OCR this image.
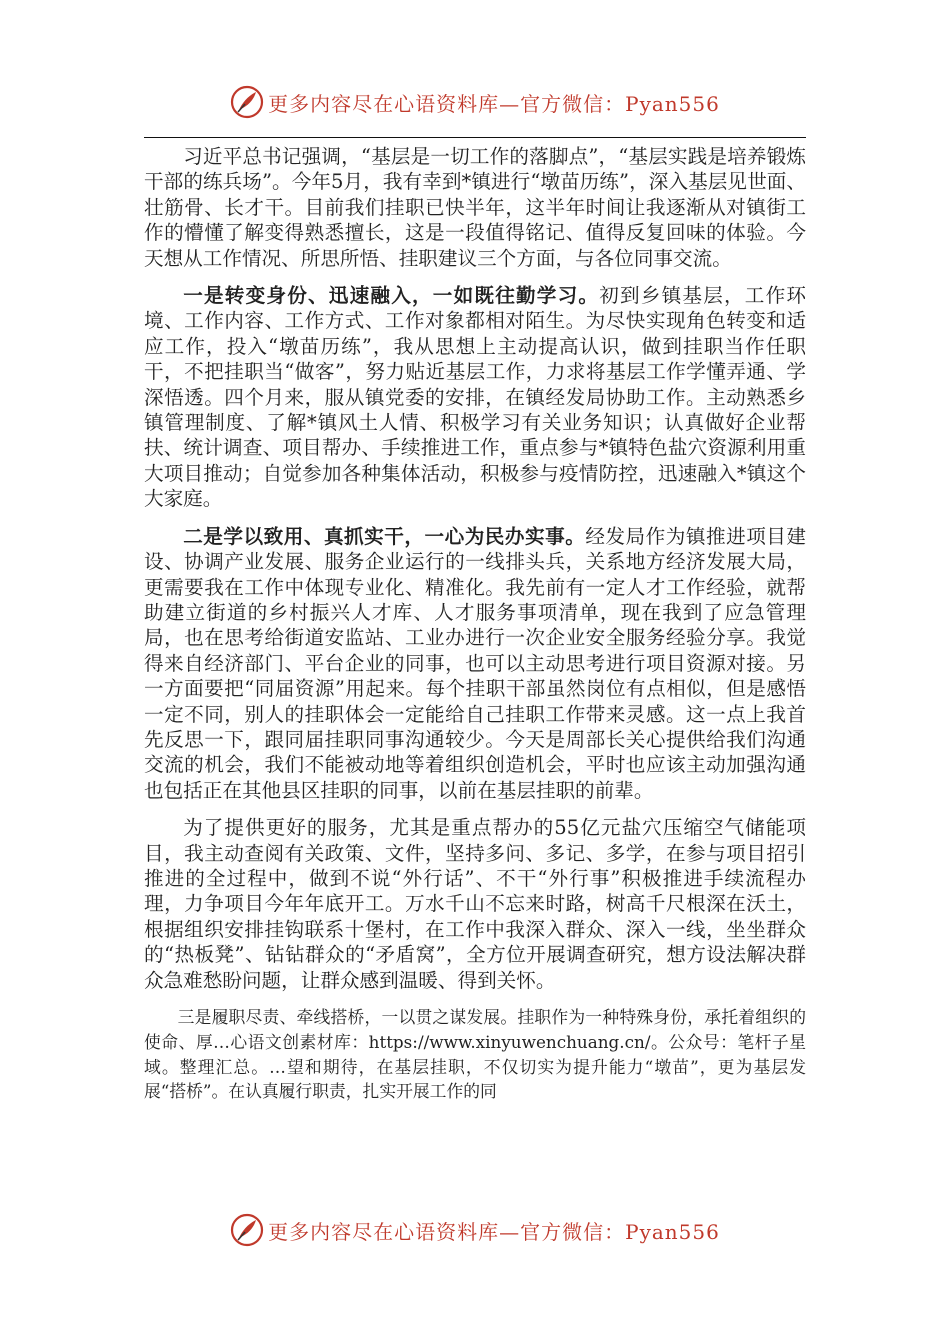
更多内容尽在心语资料库—官方微信：Pyan556

习近平总书记强调，“基层是一切工作的落脚点”，“基层实践是培养锻炼干部的练兵场”。今年5月，我有幸到*镇进行“墩苗历练”，深入基层见世面、壮筋骨、长才干。目前我们挂职已快半年，这半年时间让我逐渐从对镇街工作的懵懂了解变得熟悉擅长，这是一段值得铭记、值得反复回味的体验。今天想从工作情况、所思所悟、挂职建议三个方面，与各位同事交流。

一是转变身份、迅速融入，一如既往勤学习。初到乡镇基层，工作环境、工作内容、工作方式、工作对象都相对陌生。为尽快实现角色转变和适应工作，投入“墩苗历练”，我从思想上主动提高认识，做到挂职当作任职干，不把挂职当“做客”，努力贴近基层工作，力求将基层工作学懂弄通、学深悟透。四个月来，服从镇党委的安排，在镇经发局协助工作。主动熟悉乡镇管理制度、了解*镇风土人情、积极学习有关业务知识；认真做好企业帮扶、统计调查、项目帮办、手续推进工作，重点参与*镇特色盐穴资源利用重大项目推动；自觉参加各种集体活动，积极参与疫情防控，迅速融入*镇这个大家庭。

二是学以致用、真抓实干，一心为民办实事。经发局作为镇推进项目建设、协调产业发展、服务企业运行的一线排头兵，关系地方经济发展大局，更需要我在工作中体现专业化、精准化。我先前有一定人才工作经验，就帮助建立街道的乡村振兴人才库、人才服务事项清单，现在我到了应急管理局，也在思考给街道安监站、工业办进行一次企业安全服务经验分享。我觉得来自经济部门、平台企业的同事，也可以主动思考进行项目资源对接。另一方面要把“同届资源”用起来。每个挂职干部虽然岗位有点相似，但是感悟一定不同，别人的挂职体会一定能给自己挂职工作带来灵感。这一点上我首先反思一下，跟同届挂职同事沟通较少。今天是周部长关心提供给我们沟通交流的机会，我们不能被动地等着组织创造机会，平时也应该主动加强沟通也包括正在其他县区挂职的同事，以前在基层挂职的前辈。

为了提供更好的服务，尤其是重点帮办的55亿元盐穴压缩空气储能项目，我主动查阅有关政策、文件，坚持多问、多记、多学，在参与项目招引推进的全过程中，做到不说“外行话”、不干“外行事”积极推进手续流程办理，力争项目今年年底开工。万水千山不忘来时路，树高千尺根深在沃土，根据组织安排挂钩联系十堡村，在工作中我深入群众、深入一线，坐坐群众的“热板凳”、钻钻群众的“矛盾窝”，全方位开展调查研究，想方设法解决群众急难愁盼问题，让群众感到温暖、得到关怀。

三是履职尽责、牵线搭桥，一以贯之谋发展。挂职作为一种特殊身份，承托着组织的使命、厚…心语文创素材库：https://www.xinyuwenchuang.cn/。公众号：笔杆子星域。整理汇总。…望和期待，在基层挂职，不仅切实为提升能力“墩苗”，更为基层发展“搭桥”。在认真履行职责，扎实开展工作的同

更多内容尽在心语资料库—官方微信：Pyan556
